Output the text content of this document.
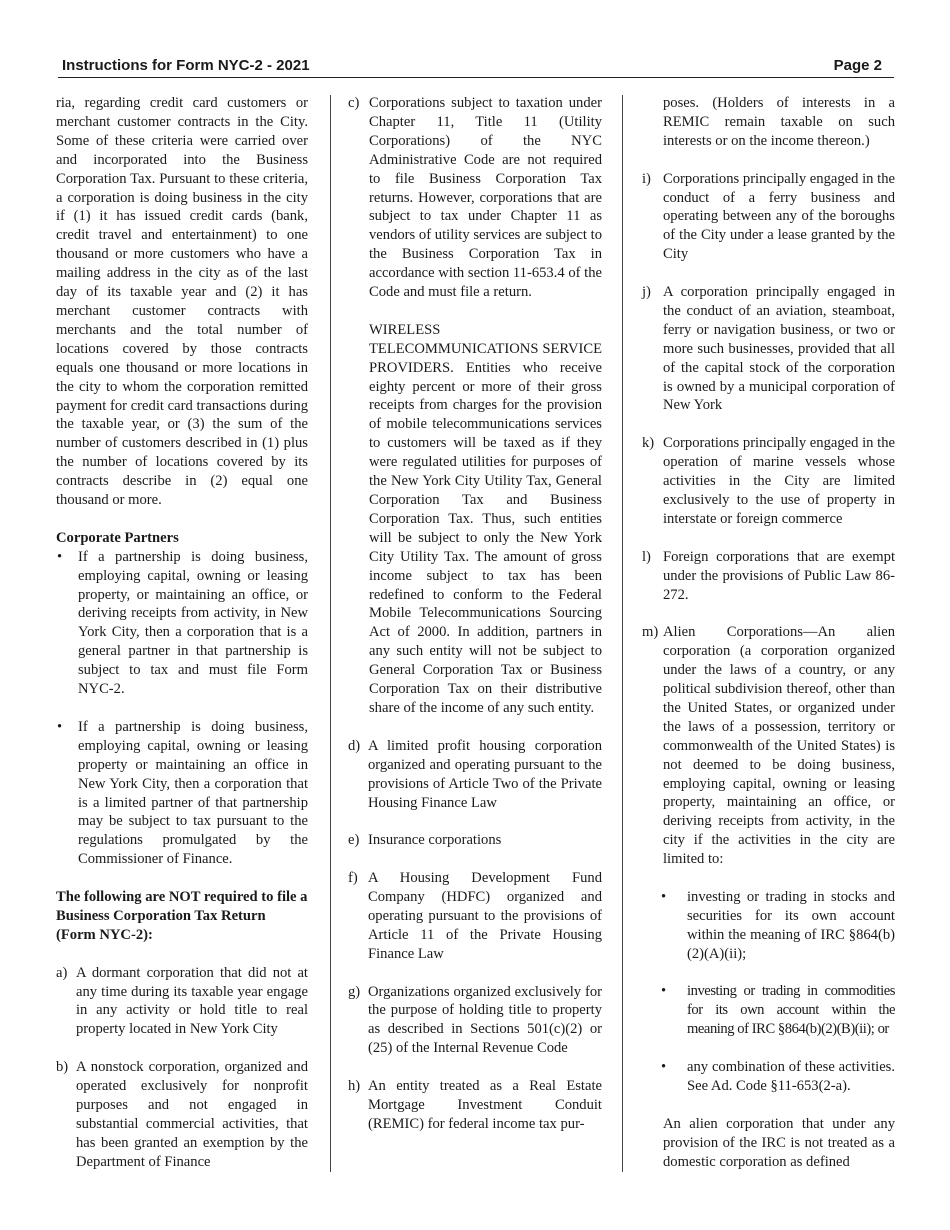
Instructions for Form NYC-2 - 2021	Page 2

ria, regarding credit card customers or merchant customer contracts in the City. Some of these criteria were carried over and incorporated into the Business Corporation Tax. Pursuant to these criteria, a corporation is doing business in the city if (1) it has issued credit cards (bank, credit travel and entertainment) to one thousand or more customers who have a mailing address in the city as of the last day of its taxable year and (2) it has merchant customer contracts with merchants and the total number of locations covered by those contracts equals one thousand or more locations in the city to whom the corporation remitted payment for credit card transactions during the taxable year, or (3) the sum of the number of customers described in (1) plus the number of locations covered by its contracts describe in (2) equal one thousand or more.

Corporate Partners

• If a partnership is doing business, employing capital, owning or leasing property, or maintaining an office, or deriving receipts from activity, in New York City, then a corporation that is a general partner in that partnership is subject to tax and must file Form NYC-2.
• If a partnership is doing business, employing capital, owning or leasing property or maintaining an office in New York City, then a corporation that is a limited partner of that partnership may be subject to tax pursuant to the regulations promulgated by the Commissioner of Finance.

The following are NOT required to file a Business Corporation Tax Return (Form NYC-2):

a) A dormant corporation that did not at any time during its taxable year engage in any activity or hold title to real property located in New York City
b) A nonstock corporation, organized and operated exclusively for nonprofit purposes and not engaged in substantial commercial activities, that has been granted an exemption by the Department of Finance
c) Corporations subject to taxation under Chapter 11, Title 11 (Utility Corporations) of the NYC Administrative Code are not required to file Business Corporation Tax returns. However, corporations that are subject to tax under Chapter 11 as vendors of utility services are subject to the Business Corporation Tax in accordance with section 11-653.4 of the Code and must file a return.

WIRELESS TELECOMMUNICATIONS SERVICE PROVIDERS. Entities who receive eighty percent or more of their gross receipts from charges for the provision of mobile telecommunications services to customers will be taxed as if they were regulated utilities for purposes of the New York City Utility Tax, General Corporation Tax and Business Corporation Tax. Thus, such entities will be subject to only the New York City Utility Tax. The amount of gross income subject to tax has been redefined to conform to the Federal Mobile Telecommunications Sourcing Act of 2000. In addition, partners in any such entity will not be subject to General Corporation Tax or Business Corporation Tax on their distributive share of the income of any such entity.

d) A limited profit housing corporation organized and operating pursuant to the provisions of Article Two of the Private Housing Finance Law
e) Insurance corporations
f) A Housing Development Fund Company (HDFC) organized and operating pursuant to the provisions of Article 11 of the Private Housing Finance Law
g) Organizations organized exclusively for the purpose of holding title to property as described in Sections 501(c)(2) or (25) of the Internal Revenue Code
h) An entity treated as a Real Estate Mortgage Investment Conduit (REMIC) for federal income tax pur-

poses. (Holders of interests in a REMIC remain taxable on such interests or on the income thereon.)

i) Corporations principally engaged in the conduct of a ferry business and operating between any of the boroughs of the City under a lease granted by the City
j) A corporation principally engaged in the conduct of an aviation, steamboat, ferry or navigation business, or two or more such businesses, provided that all of the capital stock of the corporation is owned by a municipal corporation of New York
k) Corporations principally engaged in the operation of marine vessels whose activities in the City are limited exclusively to the use of property in interstate or foreign commerce
l) Foreign corporations that are exempt under the provisions of Public Law 86- 272.
m) Alien Corporations—An alien corporation (a corporation organized under the laws of a country, or any political subdivision thereof, other than the United States, or organized under the laws of a possession, territory or commonwealth of the United States) is not deemed to be doing business, employing capital, owning or leasing property, maintaining an office, or deriving receipts from activity, in the city if the activities in the city are limited to:
• investing or trading in stocks and securities for its own account within the meaning of IRC §864(b)(2)(A)(ii);
• investing or trading in commodities for its own account within the meaning of IRC §864(b)(2)(B)(ii); or
• any combination of these activities. See Ad. Code §11-653(2-a).

An alien corporation that under any provision of the IRC is not treated as a domestic corporation as defined
